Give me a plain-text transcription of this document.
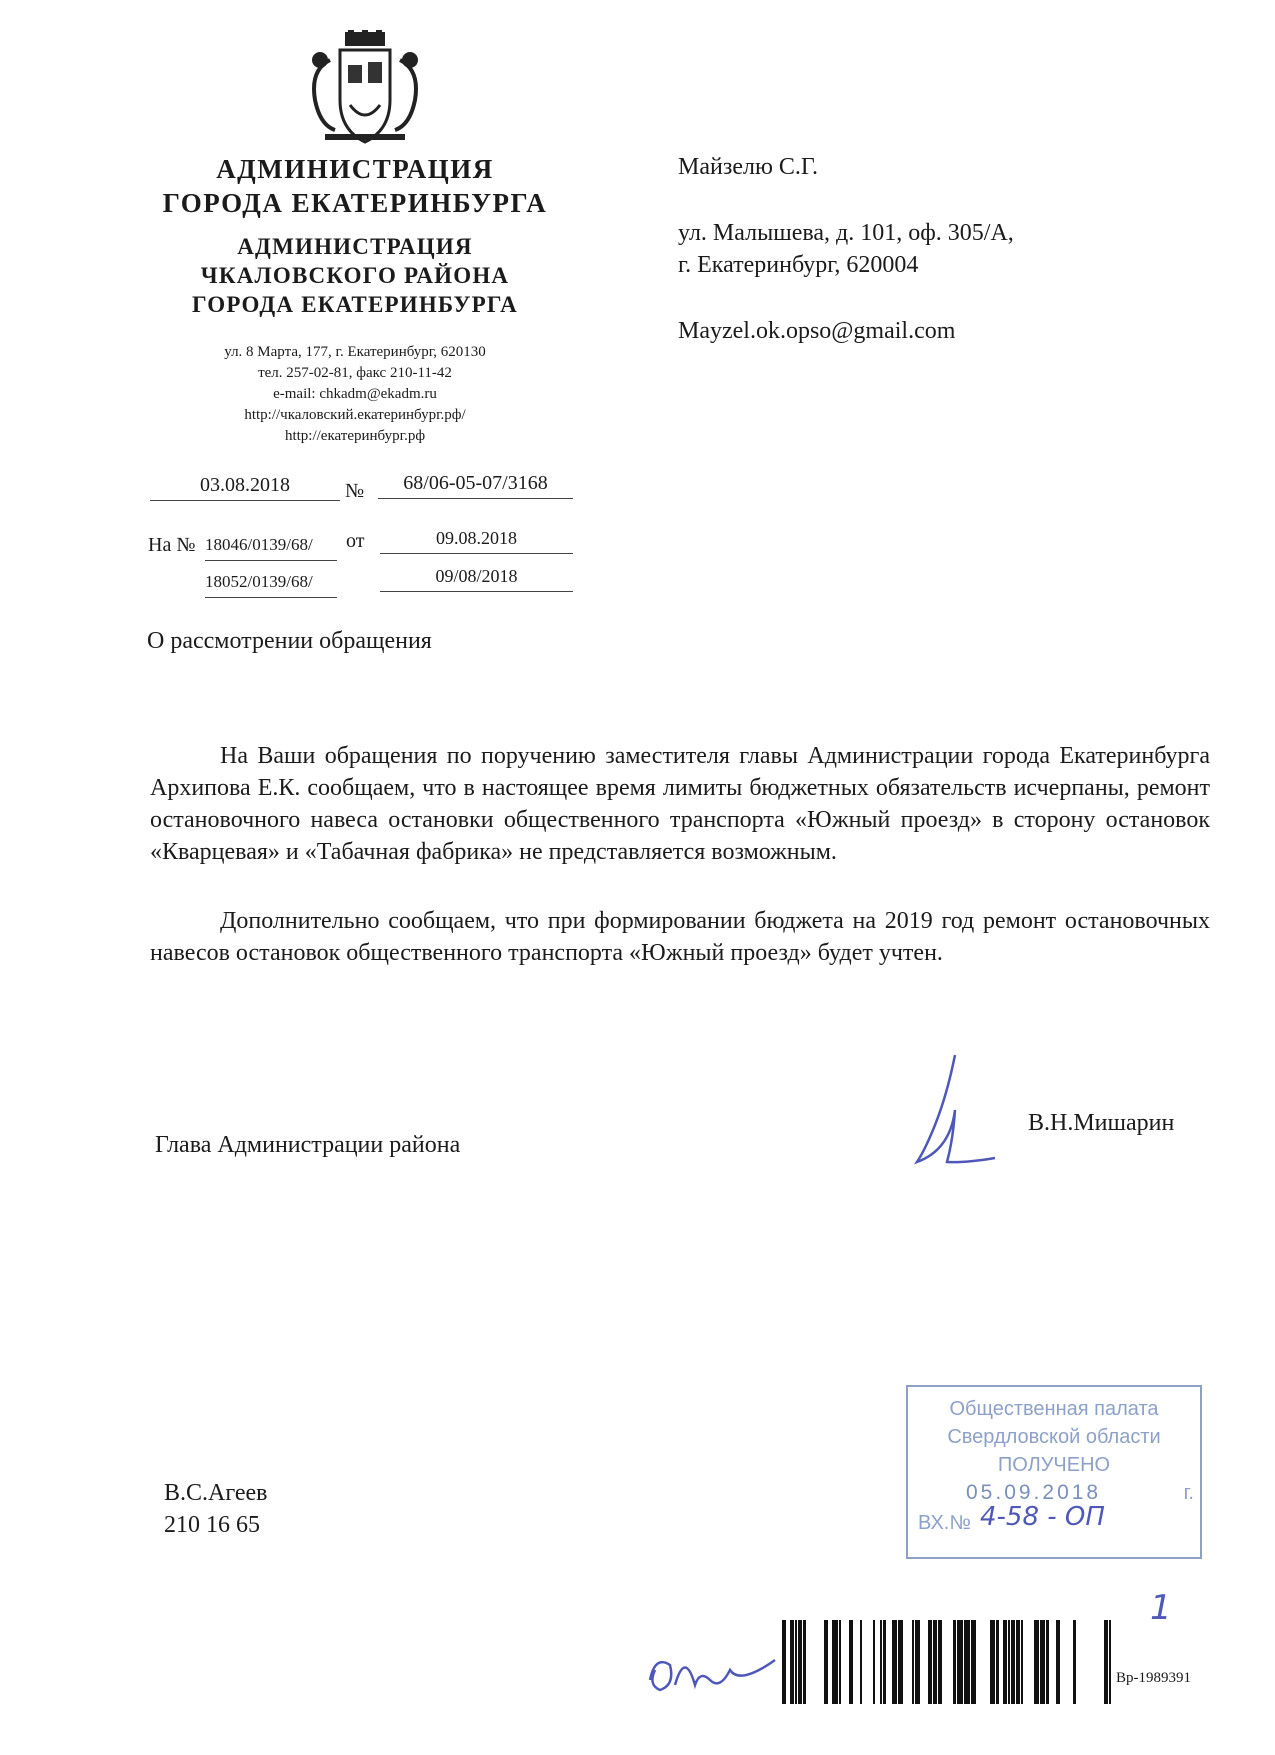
АДМИНИСТРАЦИЯ
ГОРОДА ЕКАТЕРИНБУРГА
АДМИНИСТРАЦИЯ
ЧКАЛОВСКОГО РАЙОНА
ГОРОДА ЕКАТЕРИНБУРГА
ул. 8 Марта, 177, г. Екатеринбург, 620130
тел. 257-02-81, факс 210-11-42
e-mail: chkadm@ekadm.ru
http://чкаловский.екатеринбург.рф/
http://екатеринбург.рф
03.08.2018	№	68/06-05-07/3168
На № 18046/0139/68/	от	09.08.2018
18052/0139/68/	09/08/2018
Майзелю С.Г.
ул. Малышева, д. 101, оф. 305/А,
г. Екатеринбург, 620004
Mayzel.ok.opso@gmail.com
О рассмотрении обращения
На Ваши обращения по поручению заместителя главы Администрации города Екатеринбурга Архипова Е.К. сообщаем, что в настоящее время лимиты бюджетных обязательств исчерпаны, ремонт остановочного навеса остановки общественного транспорта «Южный проезд» в сторону остановок «Кварцевая» и «Табачная фабрика» не представляется возможным.
Дополнительно сообщаем, что при формировании бюджета на 2019 год ремонт остановочных навесов остановок общественного транспорта «Южный проезд» будет учтен.
Глава Администрации района
В.Н.Мишарин
В.С.Агеев
210 16 65
Общественная палата
Свердловской области
ПОЛУЧЕНО
05.09.2018	г.
ВХ.№ 4-58 - ОП
1
Вр-1989391
